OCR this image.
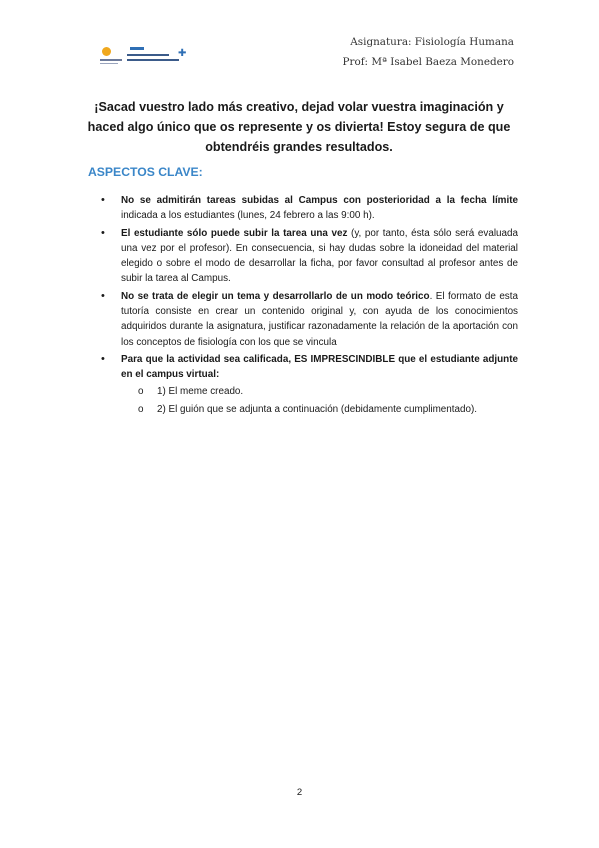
✚
Asignatura: Fisiología Humana
Prof: Mª Isabel Baeza Monedero
¡Sacad vuestro lado más creativo, dejad volar vuestra imaginación y
haced algo único que os represente y os divierta! Estoy segura de que
obtendréis grandes resultados.
ASPECTOS CLAVE:
• No se admitirán tareas subidas al Campus con posterioridad a la fecha límite indicada a los estudiantes (lunes, 24 febrero a las 9:00 h).
• El estudiante sólo puede subir la tarea una vez (y, por tanto, ésta sólo será evaluada una vez por el profesor). En consecuencia, si hay dudas sobre la idoneidad del material elegido o sobre el modo de desarrollar la ficha, por favor consultad al profesor antes de subir la tarea al Campus.
• No se trata de elegir un tema y desarrollarlo de un modo teórico. El formato de esta tutoría consiste en crear un contenido original y, con ayuda de los conocimientos adquiridos durante la asignatura, justificar razonadamente la relación de la aportación con los conceptos de fisiología con los que se vincula
• Para que la actividad sea calificada, ES IMPRESCINDIBLE que el estudiante adjunte en el campus virtual:
o 1) El meme creado.
o 2) El guión que se adjunta a continuación (debidamente cumplimentado).
2
